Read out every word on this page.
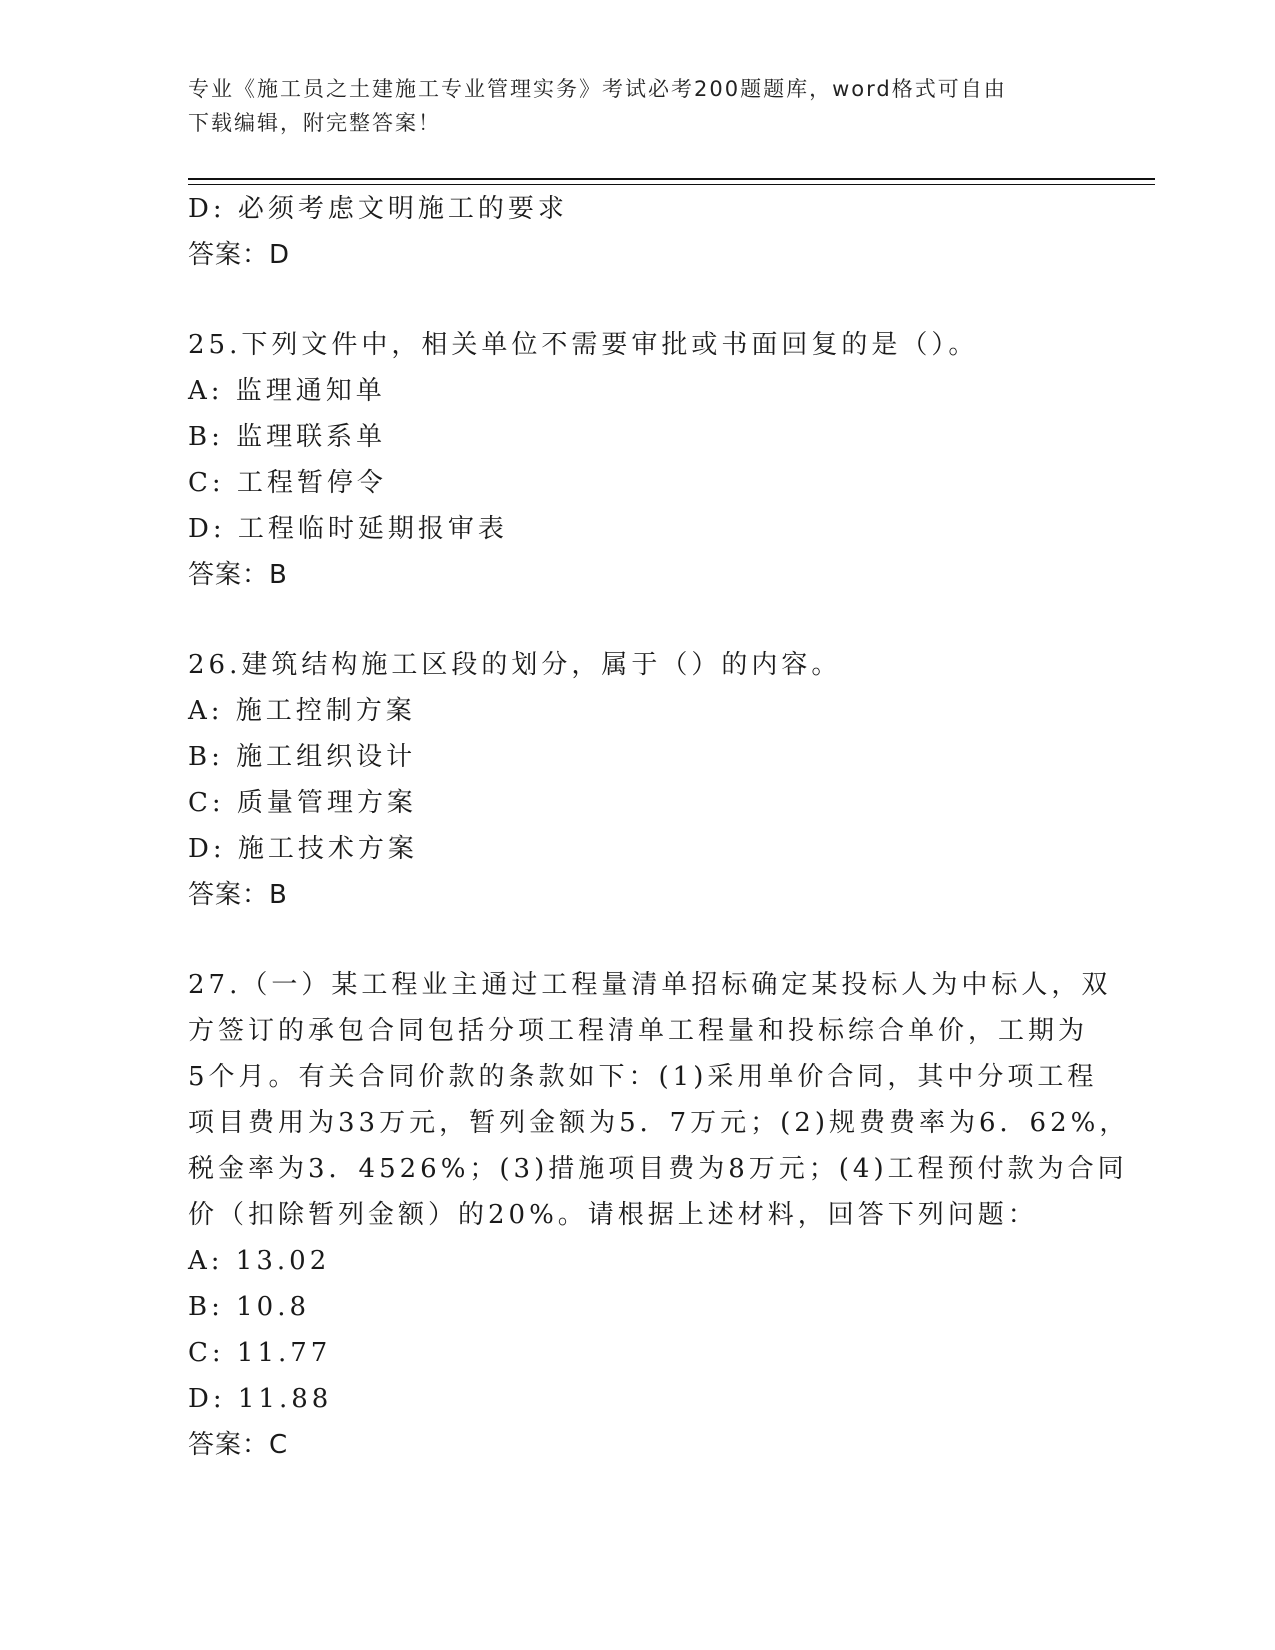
专业《施工员之土建施工专业管理实务》考试必考200题题库，word格式可自由
下载编辑，附完整答案！
D: 必须考虑文明施工的要求
答案：D
25.下列文件中，相关单位不需要审批或书面回复的是（）。
A: 监理通知单
B: 监理联系单
C: 工程暂停令
D: 工程临时延期报审表
答案：B
26.建筑结构施工区段的划分，属于（）的内容。
A: 施工控制方案
B: 施工组织设计
C: 质量管理方案
D: 施工技术方案
答案：B
27.（一）某工程业主通过工程量清单招标确定某投标人为中标人，双
方签订的承包合同包括分项工程清单工程量和投标综合单价，工期为
5个月。有关合同价款的条款如下：(1)采用单价合同，其中分项工程
项目费用为33万元，暂列金额为5．7万元；(2)规费费率为6．62%，
税金率为3．4526%；(3)措施项目费为8万元；(4)工程预付款为合同
价（扣除暂列金额）的20%。请根据上述材料，回答下列问题：
A: 13.02
B: 10.8
C: 11.77
D: 11.88
答案：C
